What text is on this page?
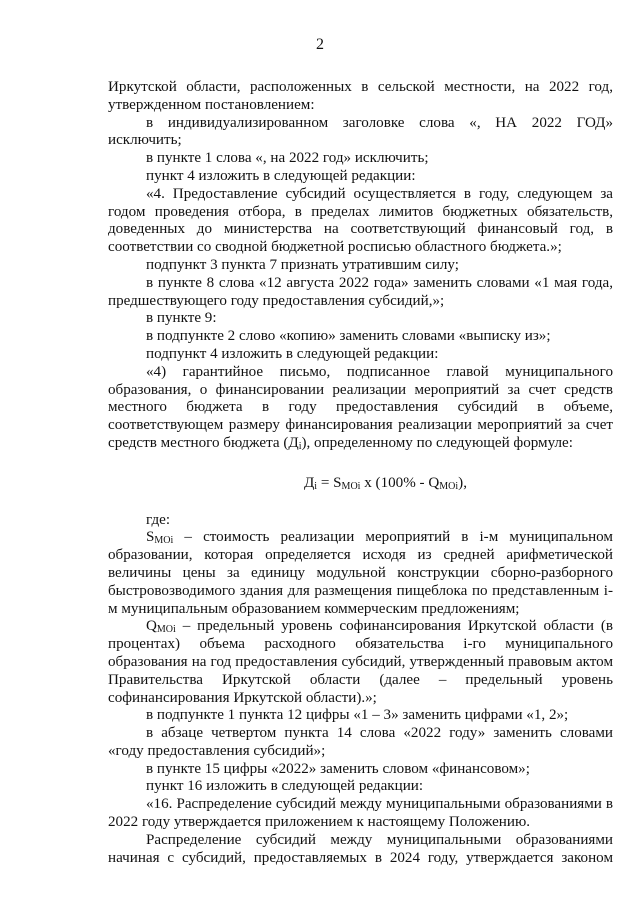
2

Иркутской области, расположенных в сельской местности, на 2022 год, утвержденном постановлением:

в индивидуализированном заголовке слова «, НА 2022 ГОД» исключить;

в пункте 1 слова «, на 2022 год» исключить;

пункт 4 изложить в следующей редакции:

«4. Предоставление субсидий осуществляется в году, следующем за годом проведения отбора, в пределах лимитов бюджетных обязательств, доведенных до министерства на соответствующий финансовый год, в соответствии со сводной бюджетной росписью областного бюджета.»;

подпункт 3 пункта 7 признать утратившим силу;

в пункте 8 слова «12 августа 2022 года» заменить словами «1 мая года, предшествующего году предоставления субсидий,»;

в пункте 9:

в подпункте 2 слово «копию» заменить словами «выписку из»;

подпункт 4 изложить в следующей редакции:

«4) гарантийное письмо, подписанное главой муниципального образования, о финансировании реализации мероприятий за счет средств местного бюджета в году предоставления субсидий в объеме, соответствующем размеру финансирования реализации мероприятий за счет средств местного бюджета $(Д_i)$, определенному по следующей формуле:

$Д_i = S_{MOi}$ x $(100\% - Q_{MOi})$,

где:

$S_{MOi}$ – стоимость реализации мероприятий в i-м муниципальном образовании, которая определяется исходя из средней арифметической величины цены за единицу модульной конструкции сборно-разборного быстровозводимого здания для размещения пищеблока по представленным i-м муниципальным образованием коммерческим предложениям;

$Q_{MOi}$ – предельный уровень софинансирования Иркутской области (в процентах) объема расходного обязательства i-го муниципального образования на год предоставления субсидий, утвержденный правовым актом Правительства Иркутской области (далее – предельный уровень софинансирования Иркутской области).»;

в подпункте 1 пункта 12 цифры «1 – 3» заменить цифрами «1, 2»;

в абзаце четвертом пункта 14 слова «2022 году» заменить словами «году предоставления субсидий»;

в пункте 15 цифры «2022» заменить словом «финансовом»;

пункт 16 изложить в следующей редакции:

«16. Распределение субсидий между муниципальными образованиями в 2022 году утверждается приложением к настоящему Положению.

Распределение субсидий между муниципальными образованиями начиная с субсидий, предоставляемых в 2024 году, утверждается законом
